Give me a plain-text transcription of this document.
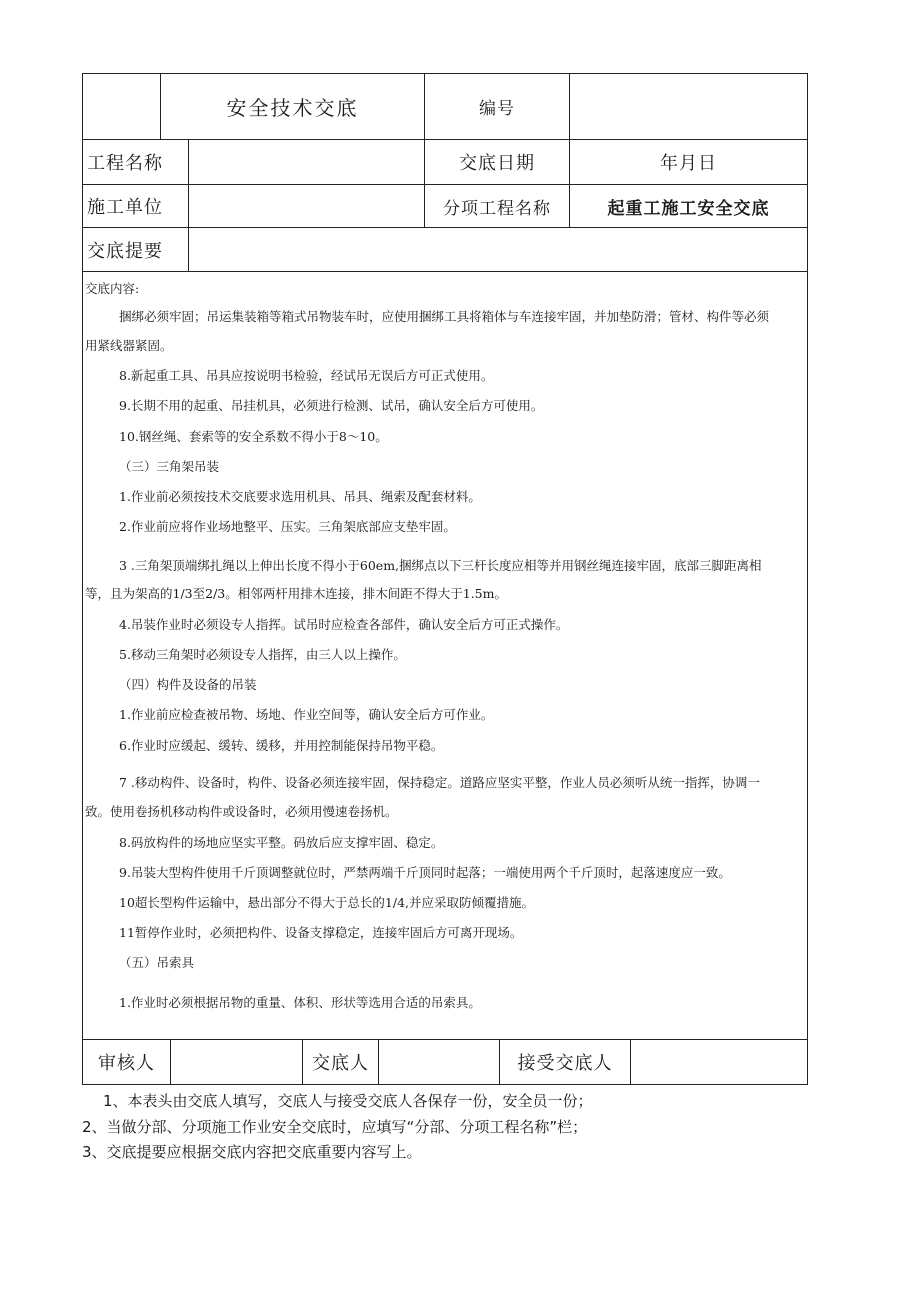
安全技术交底	编号
工程名称	交底日期	年月日
施工单位	分项工程名称	起重工施工安全交底
交底提要

交底内容:

捆绑必须牢固；吊运集装箱等箱式吊物装车时，应使用捆绑工具将箱体与车连接牢固，并加垫防滑；管材、构件等必须

用紧线器紧固。

8.新起重工具、吊具应按说明书检验，经试吊无误后方可正式使用。

9.长期不用的起重、吊挂机具，必须进行检测、试吊，确认安全后方可使用。

10.钢丝绳、套索等的安全系数不得小于8～10。

（三）三角架吊装

1.作业前必须按技术交底要求选用机具、吊具、绳索及配套材料。

2.作业前应将作业场地整平、压实。三角架底部应支垫牢固。

3 .三角架顶端绑扎绳以上伸出长度不得小于60em,捆绑点以下三杆长度应相等并用钢丝绳连接牢固，底部三脚距离相

等，且为架高的1/3至2/3。相邻两杆用排木连接，排木间距不得大于1.5m。

4.吊装作业时必须设专人指挥。试吊时应检查各部件，确认安全后方可正式操作。

5.移动三角架时必须设专人指挥，由三人以上操作。

（四）构件及设备的吊装

1.作业前应检查被吊物、场地、作业空间等，确认安全后方可作业。

6.作业时应缓起、缓转、缓移，并用控制能保持吊物平稳。

7 .移动构件、设备时，构件、设备必须连接牢固，保持稳定。道路应坚实平整，作业人员必须听从统一指挥，协调一

致。使用卷扬机移动构件或设备时，必须用慢速卷扬机。

8.码放构件的场地应坚实平整。码放后应支撑牢固、稳定。

9.吊装大型构件使用千斤顶调整就位时，严禁两端千斤顶同时起落；一端使用两个千斤顶时，起落速度应一致。

10超长型构件运输中，悬出部分不得大于总长的1/4,并应采取防倾覆措施。

11暂停作业时，必须把构件、设备支撑稳定，连接牢固后方可离开现场。

（五）吊索具

1.作业时必须根据吊物的重量、体积、形状等选用合适的吊索具。

审核人	交底人	接受交底人

1、本表头由交底人填写，交底人与接受交底人各保存一份，安全员一份；

2、当做分部、分项施工作业安全交底时，应填写“分部、分项工程名称”栏；

3、交底提要应根据交底内容把交底重要内容写上。
